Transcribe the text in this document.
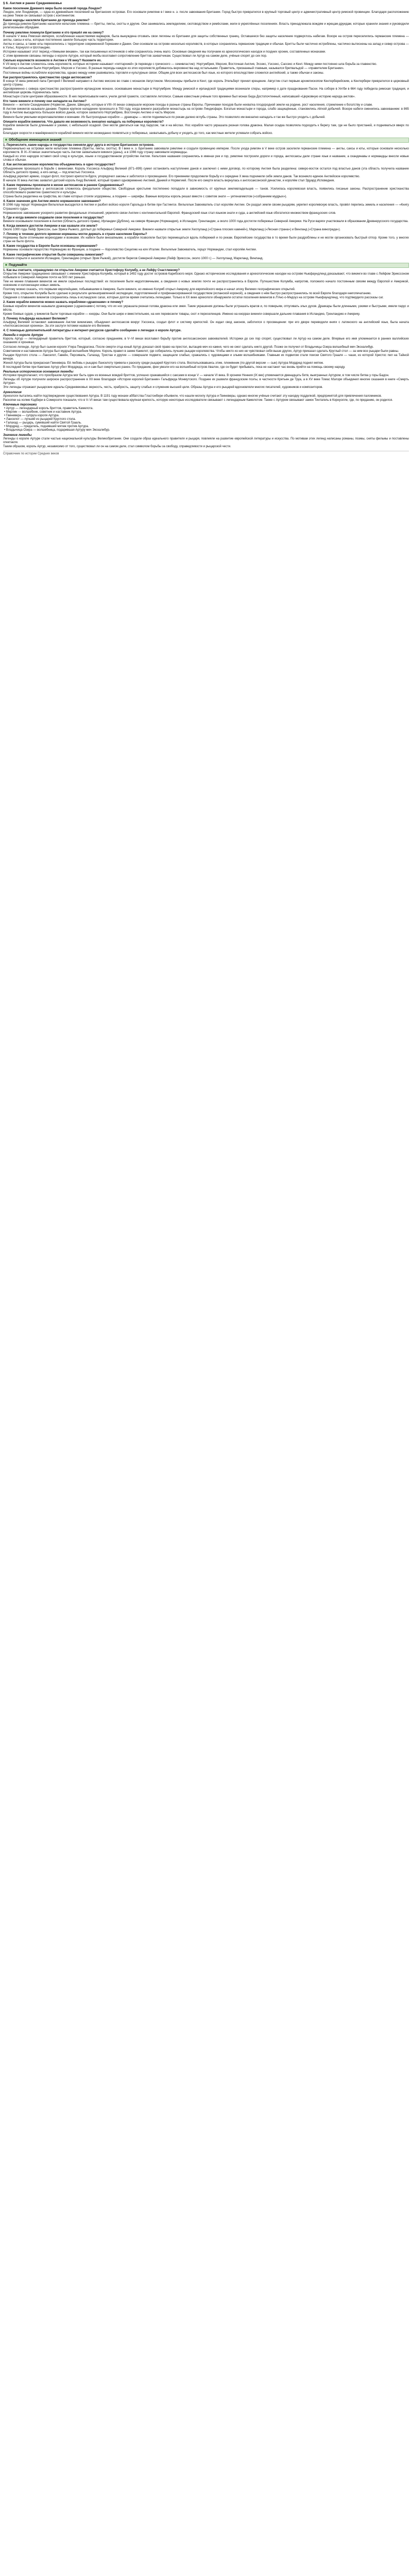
§ 6. Англия и ранее Средневековье
Какое поселение Древнего мира было основой города Лондон?
Лондон, или Лондиниум, — одна из древнейших поселений на британских островах. Его основали римляне в I веке н. э. после завоевания Британии. Город быстро превратился в крупный торговый центр и административный центр римской провинции. Благодаря расположению на реке Темзе он связывал остров с континентом.
Какие народы населяли Британию до прихода римлян?
До прихода римлян Британию населяли кельтские племена — бритты, пикты, скотты и другие. Они занимались земледелием, скотоводством и ремёслами, жили в укреплённых поселениях. Власть принадлежала вождям и жрецам-друидам, которые хранили знания и руководили религиозными обрядами.
Почему римляне покинули Британию и кто пришёл им на смену?
В начале V века Римская империя, ослабленная нашествиями варваров, была вынуждена отозвать свои легионы из Британии для защиты собственных границ. Оставшееся без защиты население подверглось набегам. Вскоре на остров переселились германские племена — англы, саксы и юты, которые постепенно заняли большую часть территории.
Англы и саксы, а также юты переселились с территории современной Германии и Дании. Они основали на острове несколько королевств, в которых сохранялись германские традиции и обычаи. Бритты были частично истреблены, частично вытеснены на запад и север острова — в Уэльс, Корнуолл и Шотландию.
Историки называют этот период «тёмными веками», так как письменных источников о нём сохранилось очень мало. Основные сведения мы получаем из археологических находок и поздних хроник, составленных монахами.
С этим временем связаны легенды о короле Артуре, который якобы возглавил сопротивление бриттов захватчикам. Существовал ли Артур на самом деле, учёные спорят до сих пор.
Сколько королевств возникло в Англии к VII веку? Назовите их.
К VII веку в Англии сложилось семь королевств, которые историки называют «гептархией» (в переводе с греческого — семивластие): Нортумбрия, Мерсия, Восточная Англия, Эссекс, Уэссекс, Сассекс и Кент. Между ними постоянно шла борьба за главенство.
Наиболее сильными были Нортумбрия, Мерсия и Уэссекс. В разные периоды каждое из этих королевств добивалось верховенства над остальными. Правитель, признанный главным, назывался бретвальдой — «правителем Британии».
Постоянные войны ослабляли королевства, однако между ними развивались торговля и культурные связи. Общим для всех англосаксов был язык, из которого впоследствии сложился английский, а также обычаи и законы.
Как распространялось христианство среди англосаксов?
В конце VI века римский папа Григорий I Великий направил в Англию миссию во главе с монахом Августином. Миссионеры прибыли в Кент, где король Этельберт принял крещение. Августин стал первым архиепископом Кентерберийским, а Кентербери превратился в церковный центр страны.
Одновременно с севера христианство распространяли ирландские монахи, основавшие монастыри в Нортумбрии. Между римской и ирландской традициями возникали споры, например о дате празднования Пасхи. На соборе в Уитби в 664 году победила римская традиция, и английская церковь подчинилась папе.
Монастыри стали центрами образованности. В них переписывали книги, учили детей грамоте, составляли летописи. Самым известным учёным того времени был монах Беда Достопочтенный, написавший «Церковную историю народа англов».
Кто такие викинги и почему они нападали на Англию?
Викинги — жители Скандинавии (Норвегии, Дании, Швеции), которые в VIII–XI веках совершали морские походы в разные страны Европы. Причинами походов были нехватка плодородной земли на родине, рост населения, стремление к богатству и славе.
В Англии викингов называли данами. Первое крупное нападение произошло в 793 году, когда викинги разграбили монастырь на острове Линдисфарн. Богатые монастыри и города, слабо защищённые, становились лёгкой добычей. Вскоре набеги сменились завоеванием: в 865 году в Англию высадилось большое войско данов, которое захватило Нортумбрию, Восточную Англию и часть Мерсии.
Викинги были умелыми мореплавателями и воинами. Их быстроходные корабли — драккары — могли подниматься по рекам далеко вглубь страны. Это позволяло им внезапно нападать и так же быстро уходить с добычей.
Опишите корабли викингов. Что давало им возможность внезапно нападать на побережье королевств?
Корабли викингов были длинными и узкими, с небольшой осадкой. Они могли двигаться как под парусом, так и на вёслах. Нос корабля часто украшала резная голова дракона. Малая осадка позволяла подходить к берегу там, где не было пристаней, и подниматься вверх по рекам.
Благодаря скорости и манёвренности кораблей викинги могли неожиданно появляться у побережья, захватывать добычу и уходить до того, как местные жители успевали собрать войско.
■ Обобщение имеющихся знаний
1. Перечислите, какие народы и государства сменяли друг друга в истории Британских островов.
Первоначально на островах жили кельтские племена (бритты, пикты, скотты). В I веке н. э. Британию завоевали римляне и создали провинцию империи. После ухода римлян в V веке остров заселили германские племена — англы, саксы и юты, которые основали несколько королевств. В IX–XI веках значительную часть Англии захватывали викинги (даны), а в 1066 году страну завоевали нормандцы.
Каждый из этих народов оставил свой след в культуре, языке и государственном устройстве Англии. Кельтские названия сохранились в именах рек и гор, римляне построили дороги и города, англосаксы дали стране язык и название, а скандинавы и нормандцы внесли новые слова и обычаи.
2. Как англосаксонские королевства объединились в одно государство?
Объединение произошло в борьбе с викингами. Король Уэссекса Альфред Великий (871–899) сумел остановить наступление данов и заключил с ними договор, по которому Англия была разделена: северо-восток остался под властью данов (эта область получила название Область датского права), а юго-запад — под властью Уэссекса.
Альфред укрепил армию, создал флот, построил крепости-бурги, упорядочил законы и заботился о просвещении. Его преемники продолжили борьбу и к середине X века подчинили себе земли данов. Так возникло единое Английское королевство.
В начале XI века Англию захватил датский король Кнуд Великий, который правил одновременно Англией, Данией и Норвегией. После его смерти власть вернулась к англосаксонской династии, и королём стал Эдуард Исповедник.
3. Какие перемены произошли в жизни англосаксов в раннее Средневековье?
В раннее Средневековье у англосаксов сложилось феодальное общество. Свободные крестьяне постепенно попадали в зависимость от крупных землевладельцев — танов. Усилилась королевская власть, появились писаные законы. Распространение христианства способствовало развитию грамотности и культуры.
Страна была разделена на графства, во главе которых стояли элдормены, а позднее — шерифы. Важные вопросы король решал вместе с советом знати — уитенагемотом («собранием мудрых»).
4. Какое значение для Англии имело норманнское завоевание?
В 1066 году герцог Нормандии Вильгельм высадился в Англии и разбил войско короля Гарольда в битве при Гастингсе. Вильгельм Завоеватель стал королём Англии. Он раздал земли своим рыцарям, укрепил королевскую власть, провёл перепись земель и населения — «Книгу Страшного суда».
Норманнское завоевание ускорило развитие феодальных отношений, укрепило связи Англии с континентальной Европой. Французский язык стал языком знати и суда, а английский язык обогатился множеством французских слов.
5. Где и когда викинги создавали свои поселения и государства?
Викинги основывали поселения в Англии (Область датского права), Ирландии (Дублин), на севере Франции (Нормандия), в Исландии, Гренландии, а около 1000 года достигли побережья Северной Америки. На Руси варяги участвовали в образовании Древнерусского государства.
6. Когда викинги достигли Америки и как назвали эти земли?
Около 1000 года Лейф Эрикссон, сын Эрика Рыжего, доплыл до побережья Северной Америки. Викинги назвали открытые земли Хеллуланд («Страна плоских камней»), Маркланд («Лесная страна») и Винланд («Страна винограда»).
7. Почему в течение долгого времени норманны могли держать в страхе население Европы?
Норманны были отличными мореходами и воинами. Их набеги были внезапными, а корабли позволяли быстро перемещаться вдоль побережий и по рекам. Европейские государства в то время были раздроблены и не могли организовать быстрый отпор. Кроме того, у многих стран не было флота.
8. Какие государства в Европе были основаны норманнами?
Норманны основали герцогство Нормандию во Франции, а позднее — Королевство Сицилию на юге Италии. Вильгельм Завоеватель, герцог Нормандии, стал королём Англии.
9. Какие географические открытия были совершены викингами?
Викинги открыли и заселили Исландию, Гренландию (открыл Эрик Рыжий), достигли берегов Северной Америки (Лейф Эрикссон, около 1000 г.) — Хеллуланд, Маркланд, Винланд.
■ Подумайте
1. Как вы считаете, справедливо ли открытие Америки считается Христофору Колумбу, а не Лейфу Счастливому?
Открытие Америки традиционно связывают с именем Христофора Колумба, который в 1492 году достиг островов Карибского моря. Однако исторические исследования и археологические находки на острове Ньюфаундленд доказывают, что викинги во главе с Лейфом Эрикссоном побывали в Северной Америке почти на 500 лет раньше.
Тем не менее плавания викингов не имели серьёзных последствий: их поселения были недолговечными, а сведения о новых землях почти не распространились в Европе. Путешествие Колумба, напротив, положило начало постоянным связям между Европой и Америкой, освоению и колонизации новых земель.
Поэтому можно сказать, что первыми европейцами, побывавшими в Америке, были викинги, но именно Колумб открыл Америку для европейского мира и начал эпоху Великих географических открытий.
Кроме того, открытие Колумба было сделано в результате целенаправленной экспедиции, подготовленной и профинансированной государством (испанской короной), а сведения о нём быстро распространились по всей Европе благодаря книгопечатанию.
Сведения о плаваниях викингов сохранились лишь в исландских сагах, которые долгое время считались легендами. Только в XX веке археологи обнаружили остатки поселения викингов в Л'Анс-о-Медоуз на острове Ньюфаундленд, что подтвердило рассказы саг.
2. Какие корабли викингов можно назвать кораблями-«драконами» и почему?
Боевые корабли викингов называли драккарами («драконами») потому, что их нос украшала резная голова дракона или змея. Такие украшения должны были устрашать врагов и, по поверьям, отпугивать злых духов. Драккары были длинными, узкими и быстрыми, имели парус и вёсла.
Кроме боевых судов, у викингов были торговые корабли — кнорры. Они были шире и вместительнее, на них перевозили товары, скот и переселенцев. Именно на кноррах викинги совершали дальние плавания в Исландию, Гренландию и Америку.
3. Почему Альфреда называют Великим?
Альфред Великий остановил завоевание Англии викингами, объединил англосаксов вокруг Уэссекса, создал флот и систему крепостей. Он издал свод законов, заботился о просвещении: при его дворе переводили книги с латинского на английский язык, была начата «Англосаксонская хроника». За эти заслуги потомки назвали его Великим.
4. С помощью дополнительной литературы и интернет-ресурсов сделайте сообщение о легендах о короле Артуре.
Легенда о короле Артуре
Король Артур — легендарный правитель бриттов, который, согласно преданиям, в V–VI веках возглавил борьбу против англосаксонских завоевателей. Историки до сих пор спорят, существовал ли Артур на самом деле. Впервые его имя упоминается в ранних валлийских сказаниях и хрониках.
Согласно легенде, Артур был сыном короля Утера Пендрагона. После смерти отца юный Артур доказал своё право на престол, вытащив меч из камня, чего не смог сделать никто другой. Позже он получил от Владычицы Озера волшебный меч Экскалибур.
Советником и наставником Артура был мудрый волшебник Мерлин. Король правил в замке Камелот, где собирались лучшие рыцари королевства. Чтобы никто из них не чувствовал себя выше других, Артур приказал сделать Круглый стол — за ним все рыцари были равны.
Рыцари Круглого стола — Ланселот, Гавейн, Персиваль, Галахад, Тристан и другие — совершали подвиги, защищали слабых, сражались с чудовищами и злыми волшебниками. Главным их подвигом стали поиски Святого Грааля — чаши, из которой Христос пил на Тайной вечере.
Женой Артура была прекрасная Гвиневера. Её любовь к рыцарю Ланселоту привела к расколу среди рыцарей Круглого стола. Воспользовавшись этим, племянник (по другой версии — сын) Артура Мордред поднял мятеж.
В последней битве при Камлане Артур убил Мордреда, но и сам был смертельно ранен. По преданию, феи увезли его на волшебный остров Авалон, где он будет пребывать, пока не настанет час вновь прийти на помощь своему народу.
Реальные исторические основания легенды
Историки предполагают, что прообразом Артура мог быть один из военных вождей бриттов, успешно сражавшийся с саксами в конце V — начале VI века. В хронике Ненния (IX век) упоминается двенадцать битв, выигранных Артуром, в том числе битва у горы Бадон.
Легенды об Артуре получили широкое распространение в XII веке благодаря «Истории королей Британии» Гальфрида Монмутского. Позднее их развили французские поэты, в частности Кретьен де Труа, а в XV веке Томас Мэлори объединил многие сказания в книге «Смерть Артура».
Эти легенды отражают рыцарские идеалы Средневековья: верность, честь, храбрость, защиту слабых и служение высшей цели. Образы Артура и его рыцарей вдохновляли многих писателей, художников и композиторов.
Археология
Археологи пытались найти подтверждение существования Артура. В 1191 году монахи аббатства Гластонбери объявили, что нашли могилу Артура и Гвиневеры, однако многие учёные считают эту находку подделкой, предпринятой для привлечения паломников.
Раскопки на холме Кэдбери в Сомерсете показали, что в V–VI веках там существовала крупная крепость, которую некоторые исследователи связывают с легендарным Камелотом. Также с Артуром связывают замок Тинтагель в Корнуолле, где, по преданию, он родился.
Ключевые персонажи
• Артур — легендарный король бриттов, правитель Камелота.
• Мерлин — волшебник, советник и наставник Артура.
• Гвиневера — супруга короля Артура.
• Ланселот — лучший из рыцарей Круглого стола.
• Галахад — рыцарь, сумевший найти Святой Грааль.
• Мордред — предатель, поднявший мятеж против Артура.
• Владычица Озера — волшебница, подарившая Артуру меч Экскалибур.
Значение легенды
Легенды о короле Артуре стали частью национальной культуры Великобритании. Они создали образ идеального правителя и рыцаря, повлияли на развитие европейской литературы и искусства. По мотивам этих легенд написаны романы, поэмы, сняты фильмы и поставлены спектакли.
Таким образом, король Артур, независимо от того, существовал ли он на самом деле, стал символом борьбы за свободу, справедливости и рыцарской чести.
Справочник по истории Средних веков
